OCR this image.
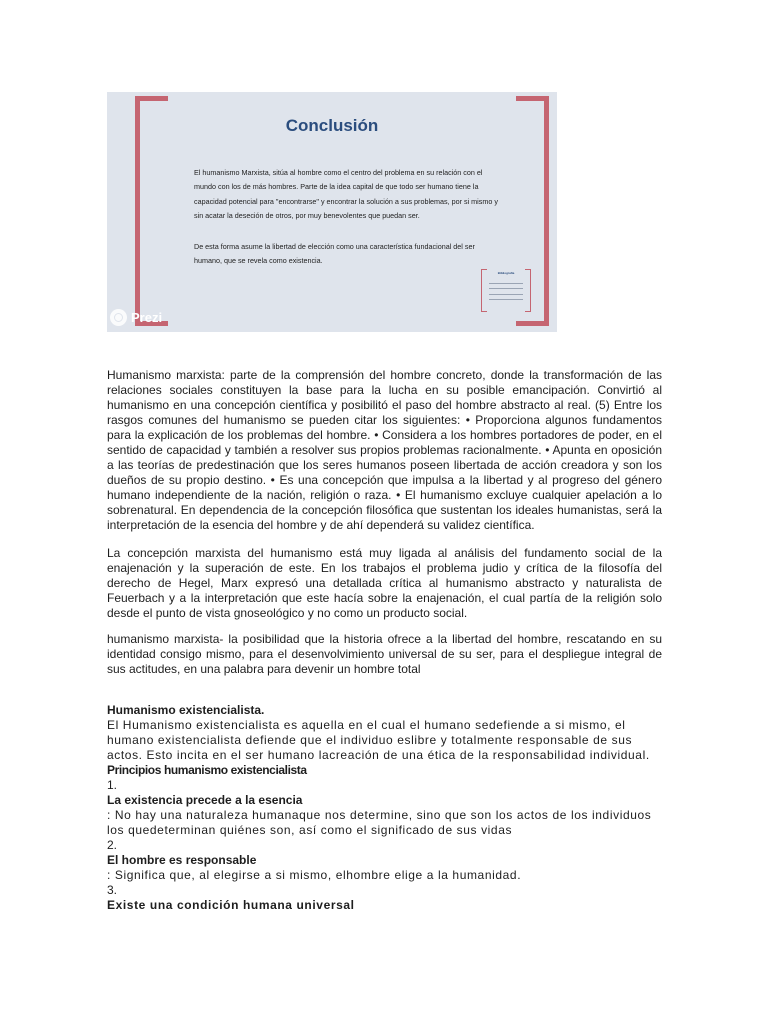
Conclusión

El humanismo Marxista, sitúa al hombre como el centro del problema en su relación con el mundo con los de más hombres. Parte de la idea capital de que todo ser humano tiene la capacidad potencial para "encontrarse" y encontrar la solución a sus problemas, por si mismo y sin acatar la deseción de otros, por muy benevolentes que puedan ser.

De esta forma asume la libertad de elección como una característica fundacional del ser humano, que se revela como existencia.

Bibliografía
Prezi

Humanismo marxista: parte de la comprensión del hombre concreto, donde la transformación de las relaciones sociales constituyen la base para la lucha en su posible emancipación. Convirtió al humanismo en una concepción científica y posibilitó el paso del hombre abstracto al real. (5) Entre los rasgos comunes del humanismo se pueden citar los siguientes: • Proporciona algunos fundamentos para la explicación de los problemas del hombre. • Considera a los hombres portadores de poder, en el sentido de capacidad y también a resolver sus propios problemas racionalmente. • Apunta en oposición a las teorías de predestinación que los seres humanos poseen libertada de acción creadora y son los dueños de su propio destino. • Es una concepción que impulsa a la libertad y al progreso del género humano independiente de la nación, religión o raza. • El humanismo excluye cualquier apelación a lo sobrenatural. En dependencia de la concepción filosófica que sustentan los ideales humanistas, será la interpretación de la esencia del hombre y de ahí dependerá su validez científica.

La concepción marxista del humanismo está muy ligada al análisis del fundamento social de la enajenación y la superación de este. En los trabajos el problema judio y crítica de la filosofía del derecho de Hegel, Marx expresó una detallada crítica al humanismo abstracto y naturalista de Feuerbach y a la interpretación que este hacía sobre la enajenación, el cual partía de la religión solo desde el punto de vista gnoseológico y no como un producto social.

humanismo marxista- la posibilidad que la historia ofrece a la libertad del hombre, rescatando en su identidad consigo mismo, para el desenvolvimiento universal de su ser, para el despliegue integral de sus actitudes, en una palabra para devenir un hombre total

Humanismo existencialista.
El Humanismo existencialista es aquella en el cual el humano sedefiende a si mismo, el humano existencialista defiende que el individuo eslibre y totalmente responsable de sus actos. Esto incita en el ser humano lacreación de una ética de la responsabilidad individual.
Principios humanismo existencialista
1.
La existencia precede a la esencia
: No hay una naturaleza humanaque nos determine, sino que son los actos de los individuos los quedeterminan quiénes son, así como el significado de sus vidas
2.
El hombre es responsable
: Significa que, al elegirse a si mismo, elhombre elige a la humanidad.
3.
Existe una condición humana universal
